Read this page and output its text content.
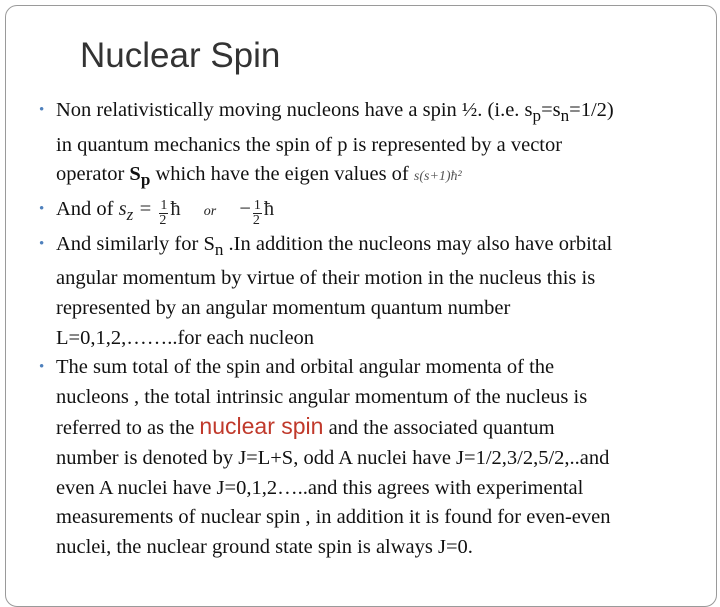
Nuclear Spin
• Non relativistically moving nucleons have a spin ½. (i.e. $s_p=s_n=1/2$)
in quantum mechanics the spin of p is represented by a vector
operator $S_p$ which have the eigen values of s(s+1)ħ²
• And of $s_z = \frac{1}{2}$ ħ or − $\frac{1}{2}$ ħ
• And similarly for $S_n$ .In addition the nucleons may also have orbital
angular momentum by virtue of their motion in the nucleus this is
represented by an angular momentum quantum number
L=0,1,2,……..for each nucleon
• The sum total of the spin and orbital angular momenta of the
nucleons , the total intrinsic angular momentum of the nucleus is
referred to as the nuclear spin and the associated quantum
number is denoted by J=L+S, odd A nuclei have J=1/2,3/2,5/2,..and
even A nuclei have J=0,1,2…..and this agrees with experimental
measurements of nuclear spin , in addition it is found for even-even
nuclei, the nuclear ground state spin is always J=0.
